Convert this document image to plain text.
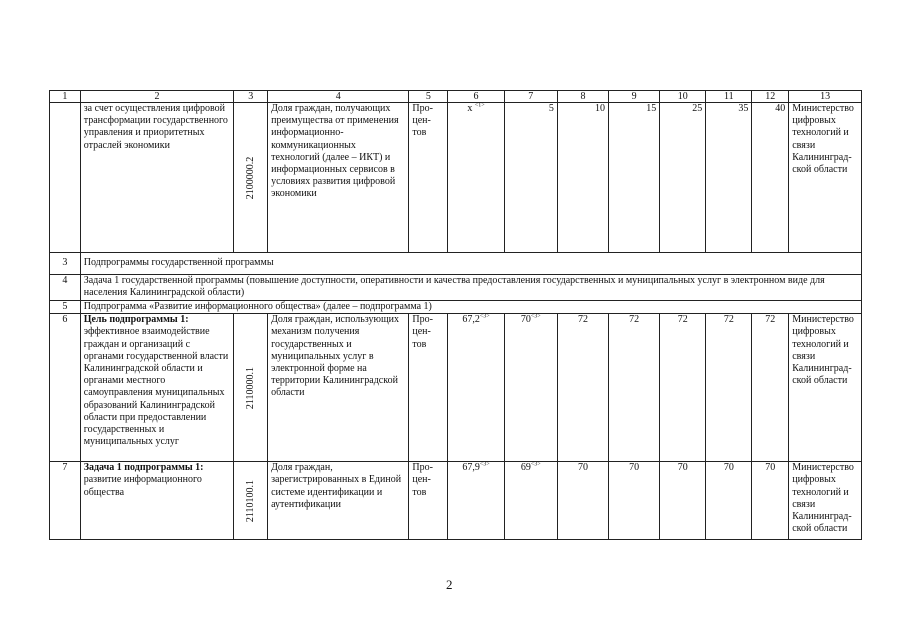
1	2	3	4	5	6	7	8	9	10	11	12	13
	за счет осуществления цифровой трансформации государственного управления и приоритетных отраслей экономики	2100000.2	Доля граждан, получающих преимущества от применения информационно-коммуникационных технологий (далее – ИКТ) и информационных сервисов в условиях развития цифровой экономики	Про-цен-тов	х $^{<1>}$	5	10	15	25	35	40	Министерство цифровых технологий и связи Калининград-ской области
3	Подпрограммы государственной программы											
4	Задача 1 государственной программы (повышение доступности, оперативности и качества предоставления государственных и муниципальных услуг в электронном виде для населения Калининградской области)											
5	Подпрограмма «Развитие информационного общества» (далее – подпрограмма 1)											
6	Цель подпрограммы 1: эффективное взаимодействие граждан и организаций с органами государственной власти Калининградской области и органами местного самоуправления муниципальных образований Калининградской области при предоставлении государственных и муниципальных услуг	2110000.1	Доля граждан, использующих механизм получения государственных и муниципальных услуг в электронной форме на территории Калининградской области	Про-цен-тов	$67,2^{<3>}$	$70^{<3>}$	72	72	72	72	72	Министерство цифровых технологий и связи Калининград-ской области
7	Задача 1 подпрограммы 1: развитие информационного общества	2110100.1	Доля граждан, зарегистрированных в Единой системе идентификации и аутентификации	Про-цен-тов	$67,9^{<3>}$	$69^{<3>}$	70	70	70	70	70	Министерство цифровых технологий и связи Калининград-ской области
2
